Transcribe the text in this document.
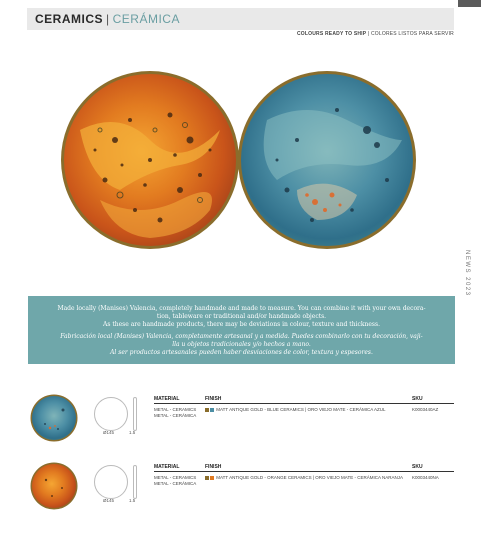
CERAMICS | CERÁMICA
COLOURS READY TO SHIP | COLORES LISTOS PARA SERVIR
NEWS 2023
Made locally (Manises) Valencia, completely handmade and made to measure. You can combine it with your own decora-
tion, tableware or traditional and/or handmade objects.
As these are handmade products, there may be deviations in colour, texture and thickness.
Fabricación local (Manises) Valencia, completamente artesanal y a medida. Puedes combinarlo con tu decoración, vaji-
lla u objetos tradicionales y/o hechos a mano.
Al ser productos artesanales pueden haber desviaciones de color, textura y espesores.
Ø145	1.5
MATERIAL	FINISH	SKU
METAL - CERAMICS
METAL - CERÁMICA
MATT ANTIQUE GOLD - BLUE CERAMICS | ORO VIEJO MATE - CERÁMICA AZUL	K0003440AZ
Ø145	1.5
MATERIAL	FINISH	SKU
METAL - CERAMICS
METAL - CERÁMICA
MATT ANTIQUE GOLD - ORANGE CERAMICS | ORO VIEJO MATE - CERÁMICA NARANJA K0003440NA
